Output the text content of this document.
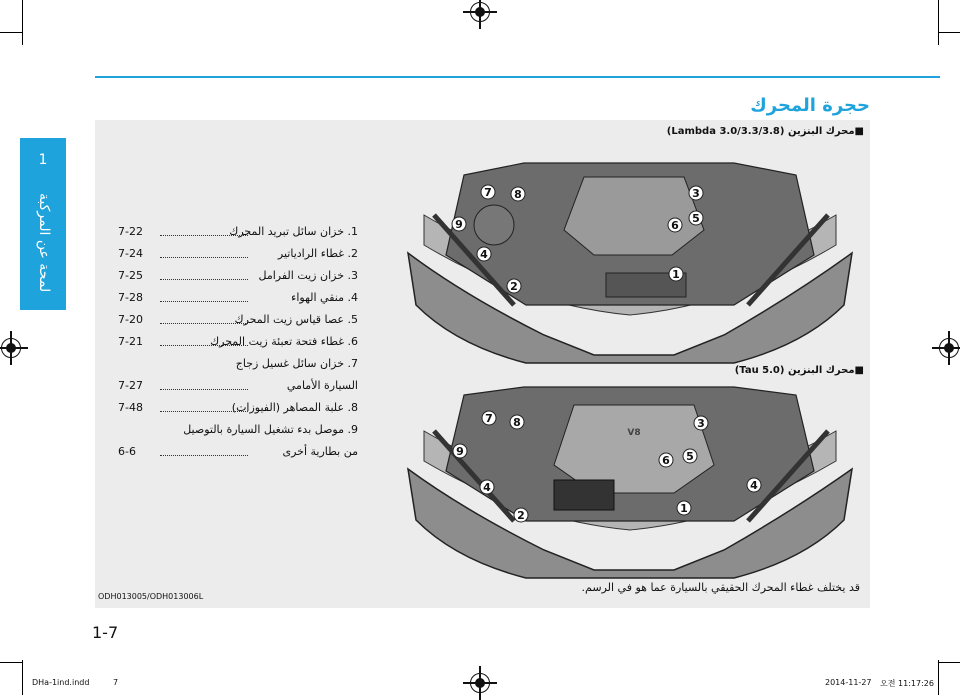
1
لمحة عن المركبة
حجرة المحرك
■محرك البنزين (Lambda 3.0/3.3/3.8)
■محرك البنزين (Tau 5.0)
1
2
3
4
5
6
7 8
9
V8
1
2
3
4
5
6
7 8
9
4
1. خزان سائل تبريد المحرك
7-22
2. غطاء الرادياتير
7-24
3. خزان زيت الفرامل
7-25
4. منقي الهواء
7-28
5. عصا قياس زيت المحرك
7-20
6. غطاء فتحة تعبئة زيت المحرك
7-21
7. خزان سائل غسيل زجاج
السيارة الأمامي
7-27
8. علبة المصاهر (الفيوزات)
7-48
9. موصل بدء تشغيل السيارة بالتوصيل
من بطارية أخرى
6-6
قد يختلف غطاء المحرك الحقيقي بالسيارة عما هو في الرسم.
ODH013005/ODH013006L
1-7
DHa-1ind.indd	7	2014-11-27 오전 11:17:26
